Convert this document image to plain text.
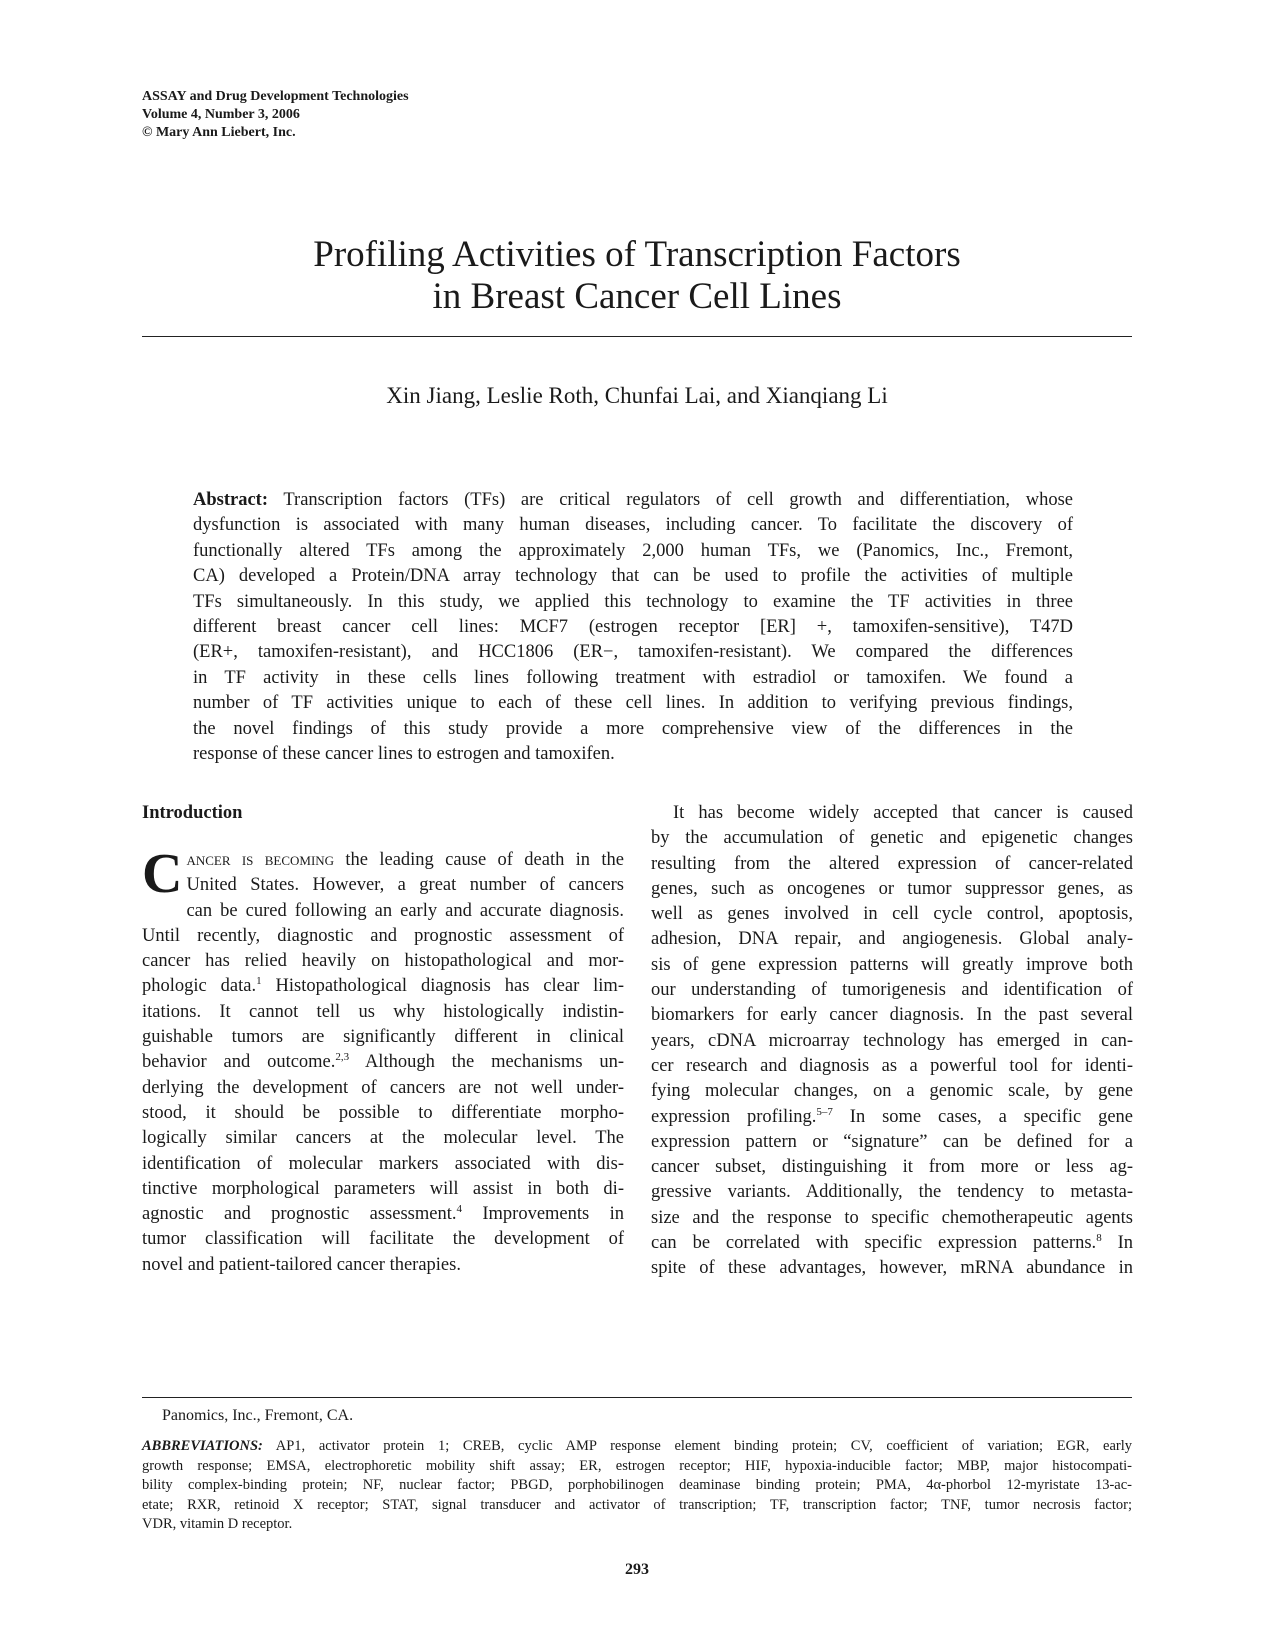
ASSAY and Drug Development Technologies
Volume 4, Number 3, 2006
© Mary Ann Liebert, Inc.
Profiling Activities of Transcription Factors
in Breast Cancer Cell Lines
Xin Jiang, Leslie Roth, Chunfai Lai, and Xianqiang Li
Abstract: Transcription factors (TFs) are critical regulators of cell growth and differentiation, whose
dysfunction is associated with many human diseases, including cancer. To facilitate the discovery of
functionally altered TFs among the approximately 2,000 human TFs, we (Panomics, Inc., Fremont,
CA) developed a Protein/DNA array technology that can be used to profile the activities of multiple
TFs simultaneously. In this study, we applied this technology to examine the TF activities in three
different breast cancer cell lines: MCF7 (estrogen receptor [ER] +, tamoxifen-sensitive), T47D
(ER+, tamoxifen-resistant), and HCC1806 (ER−, tamoxifen-resistant). We compared the differences
in TF activity in these cells lines following treatment with estradiol or tamoxifen. We found a
number of TF activities unique to each of these cell lines. In addition to verifying previous findings,
the novel findings of this study provide a more comprehensive view of the differences in the
response of these cancer lines to estrogen and tamoxifen.
Introduction
C ancer is becoming the leading cause of death in the
United States. However, a great number of cancers
can be cured following an early and accurate diagnosis.
Until recently, diagnostic and prognostic assessment of
cancer has relied heavily on histopathological and mor-
phologic data.$^1$ Histopathological diagnosis has clear lim-
itations. It cannot tell us why histologically indistin-
guishable tumors are significantly different in clinical
behavior and outcome.$^{2,3}$ Although the mechanisms un-
derlying the development of cancers are not well under-
stood, it should be possible to differentiate morpho-
logically similar cancers at the molecular level. The
identification of molecular markers associated with dis-
tinctive morphological parameters will assist in both di-
agnostic and prognostic assessment.$^4$ Improvements in
tumor classification will facilitate the development of
novel and patient-tailored cancer therapies.
It has become widely accepted that cancer is caused
by the accumulation of genetic and epigenetic changes
resulting from the altered expression of cancer-related
genes, such as oncogenes or tumor suppressor genes, as
well as genes involved in cell cycle control, apoptosis,
adhesion, DNA repair, and angiogenesis. Global analy-
sis of gene expression patterns will greatly improve both
our understanding of tumorigenesis and identification of
biomarkers for early cancer diagnosis. In the past several
years, cDNA microarray technology has emerged in can-
cer research and diagnosis as a powerful tool for identi-
fying molecular changes, on a genomic scale, by gene
expression profiling.$^{5-7}$ In some cases, a specific gene
expression pattern or “signature” can be defined for a
cancer subset, distinguishing it from more or less ag-
gressive variants. Additionally, the tendency to metasta-
size and the response to specific chemotherapeutic agents
can be correlated with specific expression patterns.$^8$ In
spite of these advantages, however, mRNA abundance in
Panomics, Inc., Fremont, CA.
ABBREVIATIONS: AP1, activator protein 1; CREB, cyclic AMP response element binding protein; CV, coefficient of variation; EGR, early
growth response; EMSA, electrophoretic mobility shift assay; ER, estrogen receptor; HIF, hypoxia-inducible factor; MBP, major histocompati-
bility complex-binding protein; NF, nuclear factor; PBGD, porphobilinogen deaminase binding protein; PMA, 4α-phorbol 12-myristate 13-ac-
etate; RXR, retinoid X receptor; STAT, signal transducer and activator of transcription; TF, transcription factor; TNF, tumor necrosis factor;
VDR, vitamin D receptor.
293
